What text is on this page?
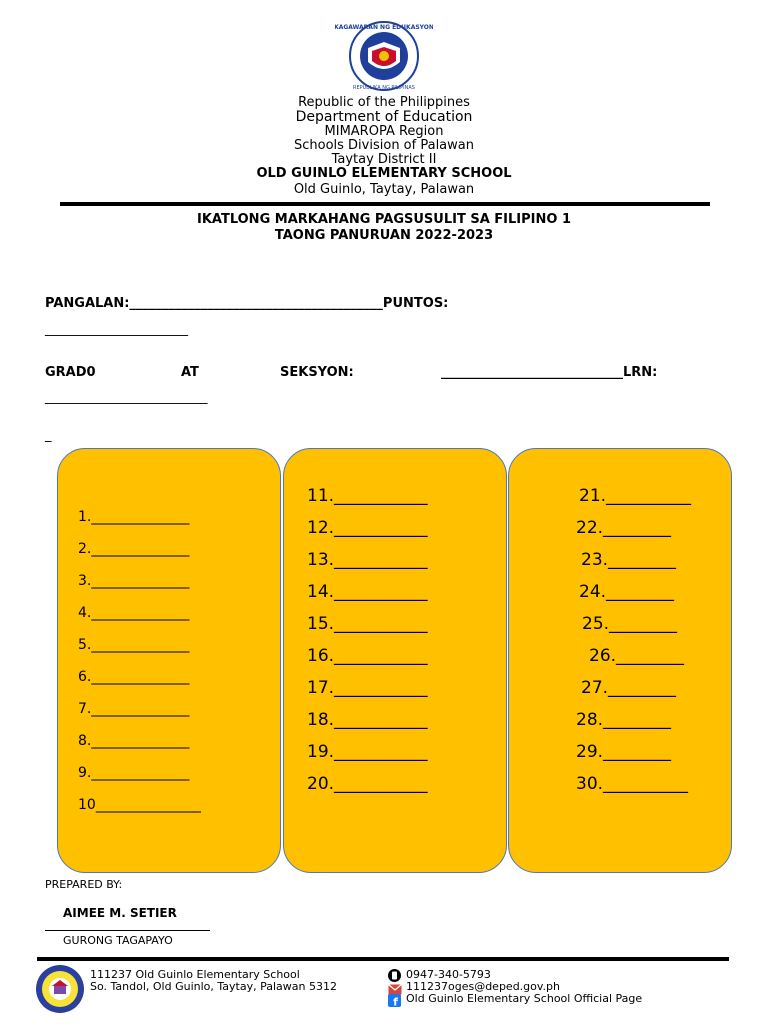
KAGAWARAN NG EDUKASYON
REPUBLIKA NG PILIPINAS
Republic of the Philippines
Department of Education
MIMAROPA Region
Schools Division of Palawan
Taytay District II
OLD GUINLO ELEMENTARY SCHOOL
Old Guinlo, Taytay, Palawan
IKATLONG MARKAHANG PAGSUSULIT SA FILIPINO 1
TAONG PANURUAN 2022-2023
PANGALAN:_______________________________________PUNTOS:
______________________
GRAD0	AT	SEKSYON:	____________________________LRN:
_________________________
_
1.______________
2.______________
3.______________
4.______________
5.______________
6.______________
7.______________
8.______________
9.______________
10_______________
11.___________
12.___________
13.___________
14.___________
15.___________
16.___________
17.___________
18.___________
19.___________
20.___________
21.__________
22.________
23.________
24.________
25.________
26.________
27.________
28.________
29.________
30.__________
PREPARED BY:
AIMEE M. SETIER
GURONG TAGAPAYO
111237 Old Guinlo Elementary School
So. Tandol, Old Guinlo, Taytay, Palawan 5312
0947-340-5793
111237oges@deped.gov.ph
f Old Guinlo Elementary School Official Page
